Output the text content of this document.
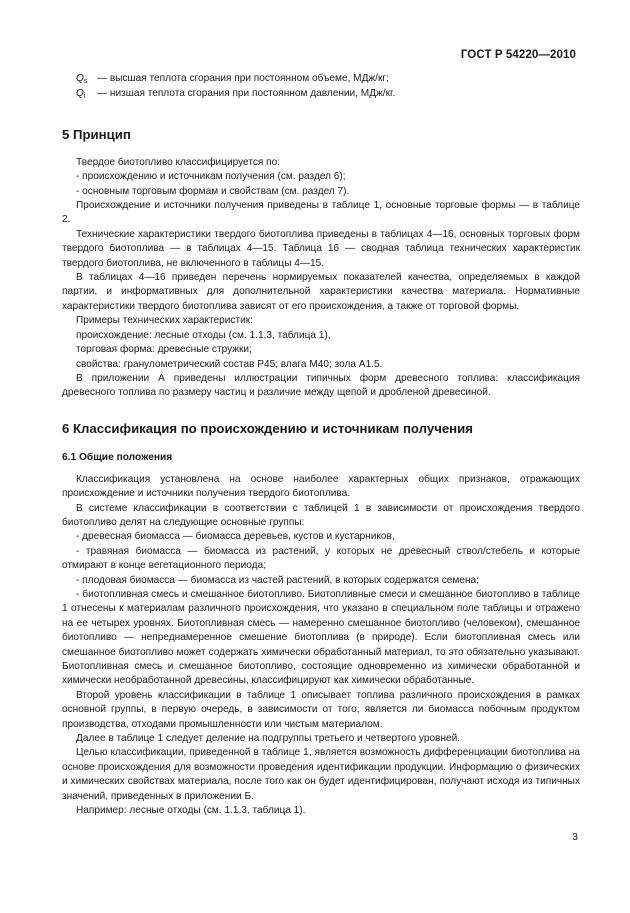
ГОСТ Р 54220—2010
$Q_s$ — высшая теплота сгорания при постоянном объеме, МДж/кг;
$Q_i$	— низшая теплота сгорания при постоянном давлении, МДж/кг.
5 Принцип

Твердое биотопливо классифицируется по:

- происхождению и источникам получения (см. раздел 6);

- основным торговым формам и свойствам (см. раздел 7).

Происхождение и источники получения приведены в таблице 1, основные торговые формы — в таблице 2.

Технические характеристики твердого биотоплива приведены в таблицах 4—16, основных торговых форм твердого биотоплива — в таблицах 4—15. Таблица 16 — сводная таблица технических характеристик твердого биотоплива, не включенного в таблицы 4—15.

В таблицах 4—16 приведен перечень нормируемых показателей качества, определяемых в каждой партии, и информативных для дополнительной характеристики качества материала. Нормативные характеристики твердого биотоплива зависят от его происхождения, а также от торговой формы.

Примеры технических характеристик:

происхождение: лесные отходы (см. 1.1.3, таблица 1),

торговая форма: древесные стружки;

свойства: гранулометрический состав Р45; влага М40; зола А1.5.

В приложении А приведены иллюстрации типичных форм древесного топлива: классификация древесного топлива по размеру частиц и различие между щепой и дробленой древесиной.

6 Классификация по происхождению и источникам получения
6.1 Общие положения

Классификация установлена на основе наиболее характерных общих признаков, отражающих происхождение и источники получения твердого биотоплива.

В системе классификации в соответствии с таблицей 1 в зависимости от происхождения твердого биотопливо делят на следующие основные группы:

- древесная биомасса — биомасса деревьев, кустов и кустарников,

- травяная биомасса — биомасса из растений, у которых не древесный ствол/стебель и которые отмирают в конце вегетационного периода;

- плодовая биомасса — биомасса из частей растений, в которых содержатся семена;

- биотопливная смесь и смешанное биотопливо. Биотопливные смеси и смешанное биотопливо в таблице 1 отнесены к материалам различного происхождения, что указано в специальном поле таблицы и отражено на ее четырех уровнях. Биотопливная смесь — намеренно смешанное биотопливо (человеком), смешанное биотопливо — непреднамеренное смешение биотоплива (в природе). Если биотопливная смесь или смешанное биотопливо может содержать химически обработанный материал, то это обязательно указывают. Биотопливная смесь и смешанное биотопливо, состоящие одновременно из химически обработанной и химически необработанной древесины, классифицируют как химически обработанные.

Второй уровень классификации в таблице 1 описывает топлива различного происхождения в рамках основной группы, в первую очередь, в зависимости от того, является ли биомасса побочным продуктом производства, отходами промышленности или чистым материалом.

Далее в таблице 1 следует деление на подгруппы третьего и четвертого уровней.

Целью классификации, приведенной в таблице 1, является возможность дифференциации биотоплива на основе происхождения для возможности проведения идентификации продукции. Информацию о физических и химических свойствах материала, после того как он будет идентифицирован, получают исходя из типичных значений, приведенных в приложении Б.

Например: лесные отходы (см. 1.1.3, таблица 1).

3
